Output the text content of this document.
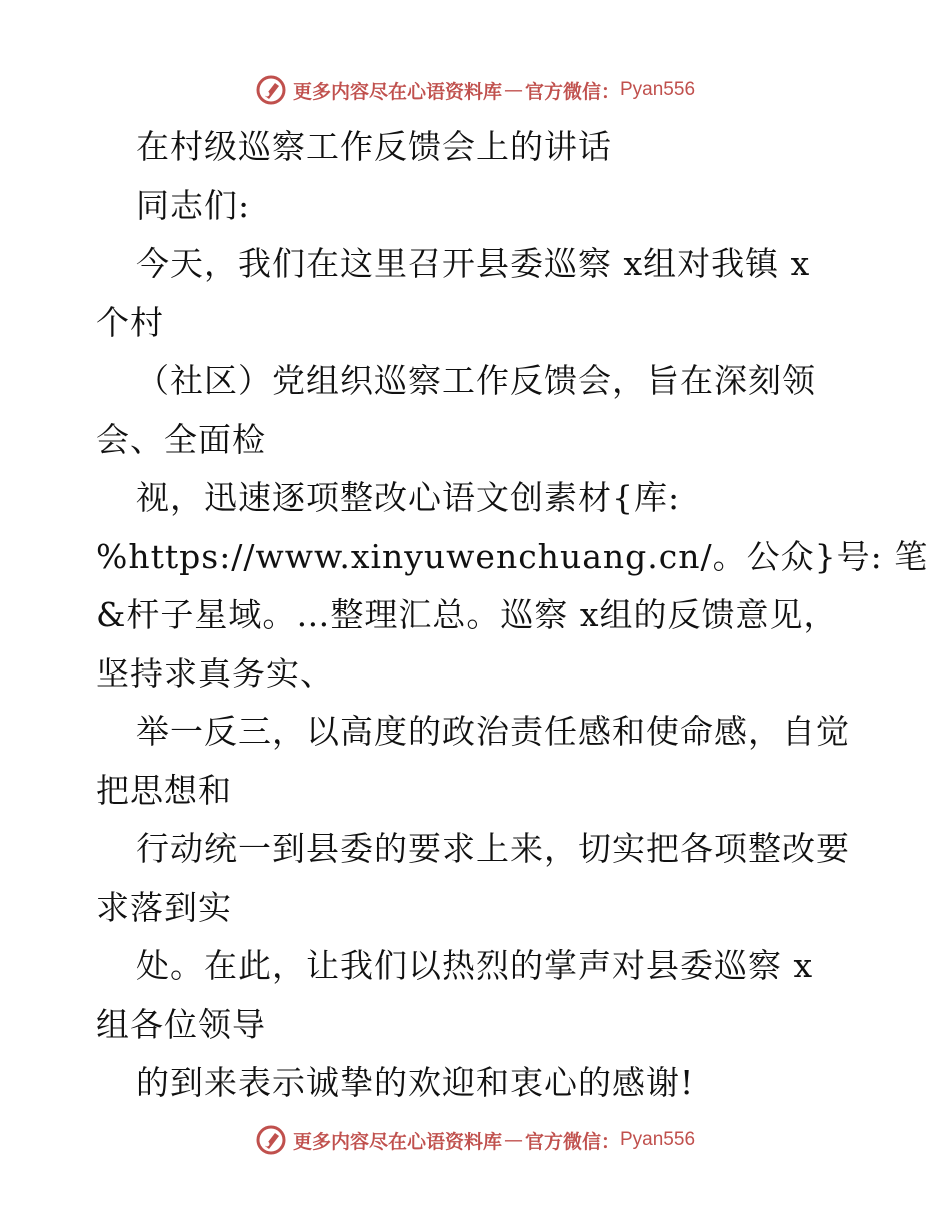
更多内容尽在心语资料库 — 官方微信： Pyan556
在村级巡察工作反馈会上的讲话
同志们:
今天，我们在这里召开县委巡察 x组对我镇 x
个村
（社区）党组织巡察工作反馈会，旨在深刻领
会、全面检
视，迅速逐项整改心语文创素材{库:
%https://www.xinyuwenchuang.cn/。公众}号: 笔
&杆子星域。…整理汇总。巡察 x组的反馈意见，
坚持求真务实、
举一反三，以高度的政治责任感和使命感，自觉
把思想和
行动统一到县委的要求上来，切实把各项整改要
求落到实
处。在此，让我们以热烈的掌声对县委巡察 x
组各位领导
的到来表示诚挚的欢迎和衷心的感谢!
更多内容尽在心语资料库 — 官方微信： Pyan556
